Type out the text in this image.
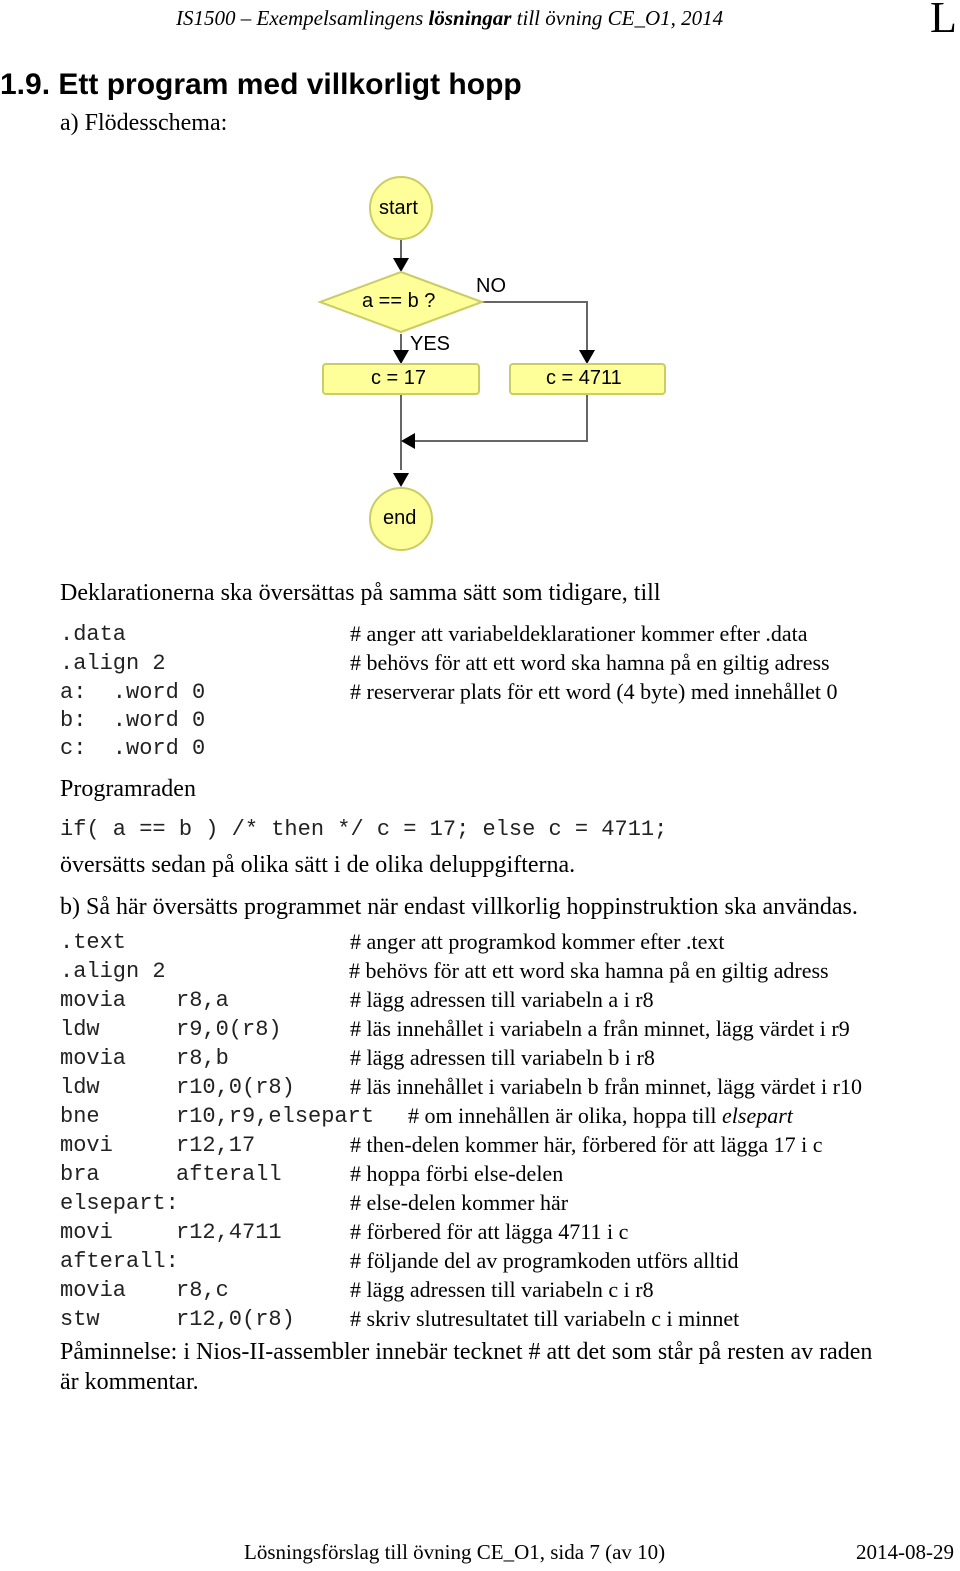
IS1500 – Exempelsamlingens lösningar till övning CE_O1, 2014	L
1.9. Ett program med villkorligt hopp
a) Flödesschema:
start
a == b ?
NO
YES
c = 17	c = 4711
end
Deklarationerna ska översättas på samma sätt som tidigare, till
.data	# anger att variabeldeklarationer kommer efter .data
.align 2	# behövs för att ett word ska hamna på en giltig adress
a:  .word 0	# reserverar plats för ett word (4 byte) med innehållet 0
b:  .word 0
c:  .word 0
Programraden
if( a == b ) /* then */ c = 17; else c = 4711;
översätts sedan på olika sätt i de olika deluppgifterna.
b) Så här översätts programmet när endast villkorlig hoppinstruktion ska användas.
.text	# anger att programkod kommer efter .text
.align 2	# behövs för att ett word ska hamna på en giltig adress
movia r8,a	# lägg adressen till variabeln a i r8
ldw	r9,0(r8)	# läs innehållet i variabeln a från minnet, lägg värdet i r9
movia r8,b	# lägg adressen till variabeln b i r8
ldw	r10,0(r8)	# läs innehållet i variabeln b från minnet, lägg värdet i r10
bne	r10,r9,elsepart # om innehållen är olika, hoppa till elsepart
movi	r12,17	# then-delen kommer här, förbered för att lägga 17 i c
bra	afterall	# hoppa förbi else-delen
elsepart:	# else-delen kommer här
movi	r12,4711	# förbered för att lägga 4711 i c
afterall:	# följande del av programkoden utförs alltid
movia r8,c	# lägg adressen till variabeln c i r8
stw	r12,0(r8)	# skriv slutresultatet till variabeln c i minnet
Påminnelse: i Nios-II-assembler innebär tecknet # att det som står på resten av raden
är kommentar.
Lösningsförslag till övning CE_O1, sida 7 (av 10)	2014-08-29
